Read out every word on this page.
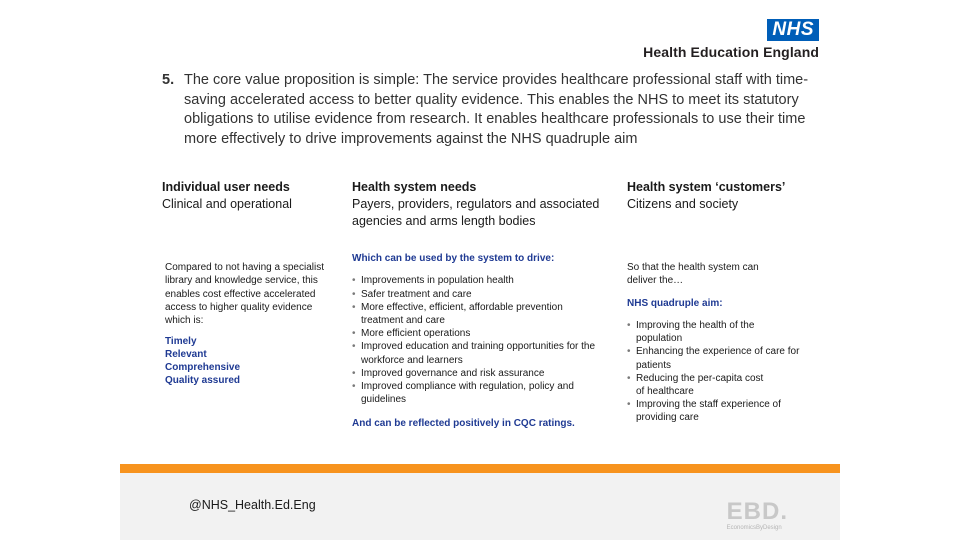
NHS
Health Education England
5. The core value proposition is simple: The service provides healthcare professional staff with time-saving accelerated access to better quality evidence. This enables the NHS to meet its statutory obligations to utilise evidence from research. It enables healthcare professionals to use their time more effectively to drive improvements against the NHS quadruple aim
Individual user needs
Clinical and operational
Compared to not having a specialist library and knowledge service, this enables cost effective accelerated access to higher quality evidence which is:
Timely
Relevant
Comprehensive
Quality assured
Health system needs
Payers, providers, regulators and associated agencies and arms length bodies
Which can be used by the system to drive:
• Improvements in population health
• Safer treatment and care
• More effective, efficient, affordable prevention treatment and care
• More efficient operations
• Improved education and training opportunities for the workforce and learners
• Improved governance and risk assurance
• Improved compliance with regulation, policy and guidelines
And can be reflected positively in CQC ratings.
Health system ‘customers’
Citizens and society
So that the health system can deliver the…
NHS quadruple aim:
• Improving the health of the population
• Enhancing the experience of care for patients
• Reducing the per-capita cost of healthcare
• Improving the staff experience of providing care
@NHS_Health.Ed.Eng	EBD.
EconomicsByDesign
